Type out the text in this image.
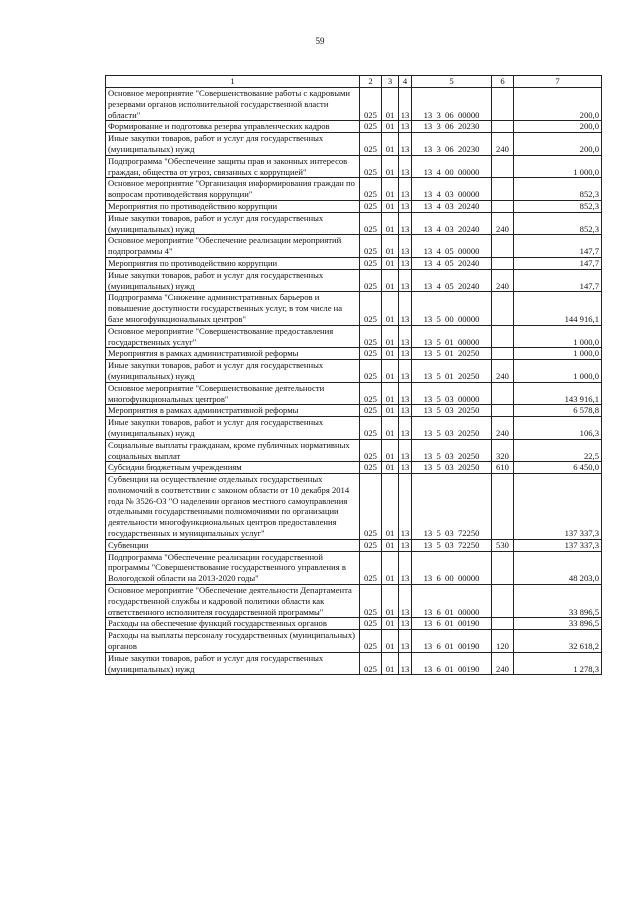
59
1	2	3	4	5	6	7
Основное мероприятие "Совершенствование работы с кадровыми резервами органов исполнительной государственной власти области"	025	01	13	13  3  06  00000		200,0
Формирование и подготовка резерва управленческих кадров	025	01	13	13  3  06  20230		200,0
Иные закупки товаров, работ и услуг для государственных (муниципальных) нужд	025	01	13	13  3  06  20230	240	200,0
Подпрограмма "Обеспечение защиты прав и законных интересов граждан, общества от угроз, связанных с коррупцией"	025	01	13	13  4  00  00000		1 000,0
Основное мероприятие "Организация информирования граждан по вопросам противодействия коррупции"	025	01	13	13  4  03  00000		852,3
Мероприятия по противодействию коррупции	025	01	13	13  4  03  20240		852,3
Иные закупки товаров, работ и услуг для государственных (муниципальных) нужд	025	01	13	13  4  03  20240	240	852,3
Основное мероприятие "Обеспечение реализации мероприятий подпрограммы 4"	025	01	13	13  4  05  00000		147,7
Мероприятия по противодействию коррупции	025	01	13	13  4  05  20240		147,7
Иные закупки товаров, работ и услуг для государственных (муниципальных) нужд	025	01	13	13  4  05  20240	240	147,7
Подпрограмма "Снижение административных барьеров и повышение доступности государственных услуг, в том числе на базе многофункциональных центров"	025	01	13	13  5  00  00000		144 916,1
Основное мероприятие "Совершенствование предоставления государственных услуг"	025	01	13	13  5  01  00000		1 000,0
Мероприятия в рамках административной реформы	025	01	13	13  5  01  20250		1 000,0
Иные закупки товаров, работ и услуг для государственных (муниципальных) нужд	025	01	13	13  5  01  20250	240	1 000,0
Основное мероприятие "Совершенствование деятельности многофункциональных центров"	025	01	13	13  5  03  00000		143 916,1
Мероприятия в рамках административной реформы	025	01	13	13  5  03  20250		6 578,8
Иные закупки товаров, работ и услуг для государственных (муниципальных) нужд	025	01	13	13  5  03  20250	240	106,3
Социальные выплаты гражданам, кроме публичных нормативных социальных выплат	025	01	13	13  5  03  20250	320	22,5
Субсидии бюджетным учреждениям	025	01	13	13  5  03  20250	610	6 450,0
Субвенции на осуществление отдельных государственных полномочий в соответствии с законом области от 10 декабря 2014 года № 3526-ОЗ "О наделении органов местного самоуправления отдельными государственными полномочиями по организации деятельности многофункциональных центров предоставления государственных и муниципальных услуг"	025	01	13	13  5  03  72250		137 337,3
Субвенции	025	01	13	13  5  03  72250	530	137 337,3
Подпрограмма "Обеспечение реализации государственной программы "Совершенствование государственного управления в Вологодской области на 2013-2020 годы"	025	01	13	13  6  00  00000		48 203,0
Основное мероприятие "Обеспечение деятельности Департамента государственной службы и кадровой политики области как ответственного исполнителя государственной программы"	025	01	13	13  6  01  00000		33 896,5
Расходы на обеспечение функций государственных органов	025	01	13	13  6  01  00190		33 896,5
Расходы на выплаты персоналу государственных (муниципальных) органов	025	01	13	13  6  01  00190	120	32 618,2
Иные закупки товаров, работ и услуг для государственных (муниципальных) нужд	025	01	13	13  6  01  00190	240	1 278,3
